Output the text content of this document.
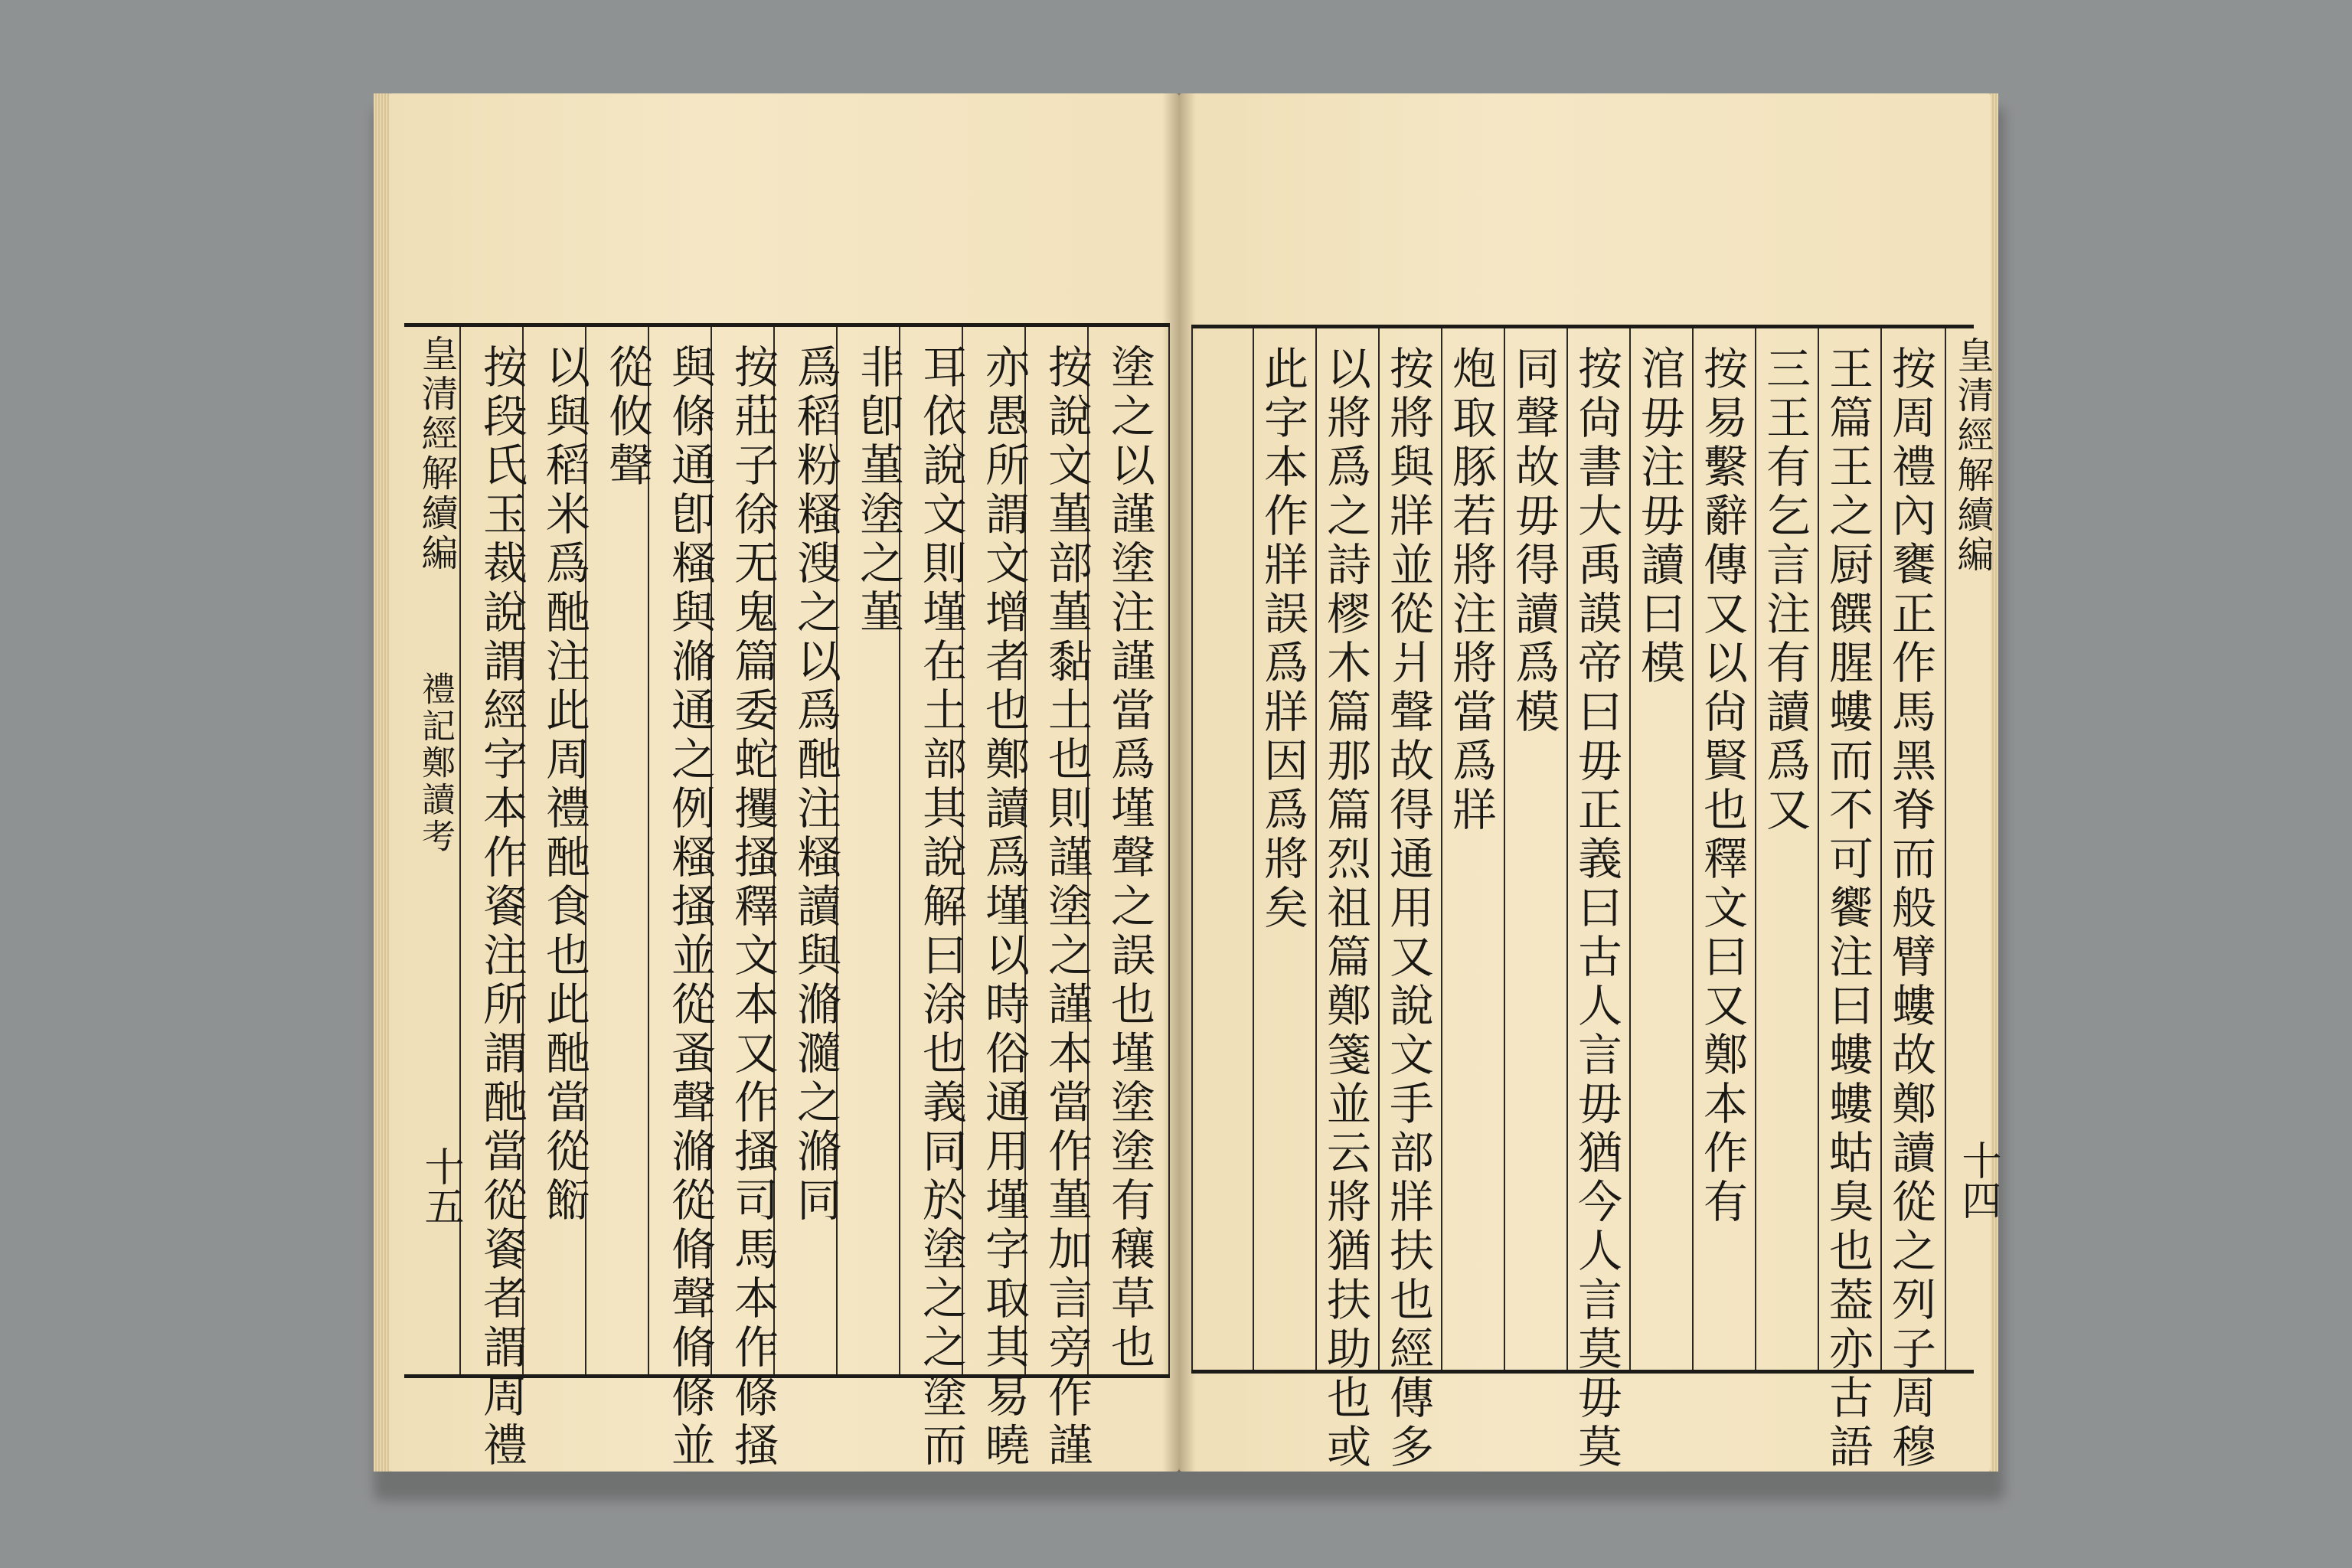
皇清經解續編
禮記鄭讀考
十五	塗之以謹塗注謹當爲墐聲之誤也墐塗塗有穰草也
按說文堇部堇黏土也則謹塗之謹本當作堇加言旁作謹
亦愚所謂文增者也鄭讀爲墐以時俗通用墐字取其易曉
耳依說文則墐在土部其說解曰涂也義同於塗之之塗而
非卽堇塗之堇
爲稻粉糔溲之以爲酏注糔讀與滫瀡之滫同
按莊子徐无鬼篇委蛇攫搔釋文本又作搔司馬本作條搔
與條通卽糔與滫通之例糔搔並從蚤聲滫從脩聲脩條並
從攸聲
以與稻米爲酏注此周禮酏食也此酏當從餰
按段氏玉裁說謂經字本作餈注所謂酏當從餈者謂周禮	按周禮內饔正作馬黑脊而般臂螻故鄭讀從之列子周穆
王篇王之厨饌腥螻而不可饗注曰螻螻蛄臭也葢亦古語
三王有乞言注有讀爲又
按易繫辭傳又以尙賢也釋文曰又鄭本作有
涫毋注毋讀曰模
按尙書大禹謨帝曰毋正義曰古人言毋猶今人言莫毋莫
同聲故毋得讀爲模
炮取豚若將注將當爲牂
按將與牂並從爿聲故得通用又說文手部牂扶也經傳多
以將爲之詩樛木篇那篇烈祖篇鄭箋並云將猶扶助也或
此字本作牂誤爲牂因爲將矣	皇清經解續編
十四
